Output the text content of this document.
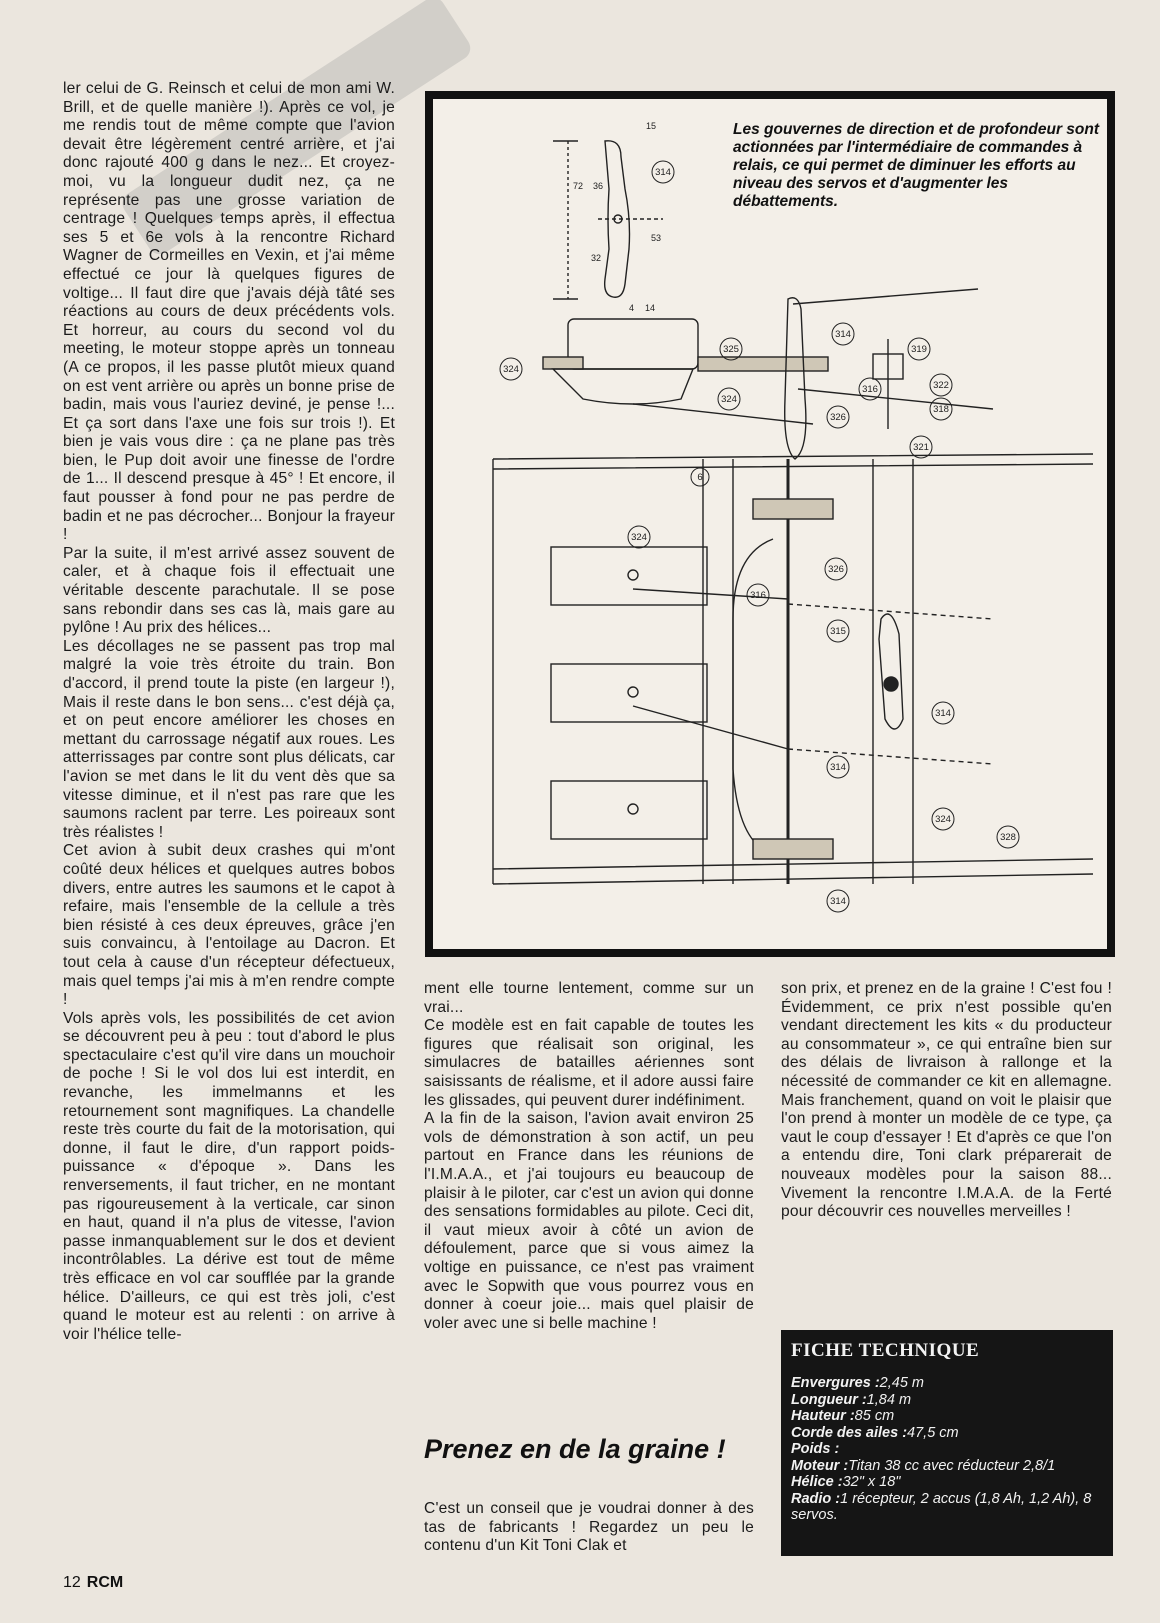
ler celui de G. Reinsch et celui de mon ami W. Brill, et de quelle manière !). Après ce vol, je me rendis tout de même compte que l'avion devait être légèrement centré arrière, et j'ai donc rajouté 400 g dans le nez... Et croyez-moi, vu la longueur dudit nez, ça ne représente pas une grosse variation de centrage ! Quelques temps après, il effectua ses 5 et 6e vols à la rencontre Richard Wagner de Cormeilles en Vexin, et j'ai même effectué ce jour là quelques figures de voltige... Il faut dire que j'avais déjà tâté ses réactions au cours de deux précédents vols. Et horreur, au cours du second vol du meeting, le moteur stoppe après un tonneau (A ce propos, il les passe plutôt mieux quand on est vent arrière ou après un bonne prise de badin, mais vous l'auriez deviné, je pense !... Et ça sort dans l'axe une fois sur trois !). Et bien je vais vous dire : ça ne plane pas très bien, le Pup doit avoir une finesse de l'ordre de 1... Il descend presque à 45° ! Et encore, il faut pousser à fond pour ne pas perdre de badin et ne pas décrocher... Bonjour la frayeur !

Par la suite, il m'est arrivé assez souvent de caler, et à chaque fois il effectuait une véritable descente parachutale. Il se pose sans rebondir dans ses cas là, mais gare au pylône ! Au prix des hélices...

Les décollages ne se passent pas trop mal malgré la voie très étroite du train. Bon d'accord, il prend toute la piste (en largeur !), Mais il reste dans le bon sens... c'est déjà ça, et on peut encore améliorer les choses en mettant du carrossage négatif aux roues. Les atterrissages par contre sont plus délicats, car l'avion se met dans le lit du vent dès que sa vitesse diminue, et il n'est pas rare que les saumons raclent par terre. Les poireaux sont très réalistes !

Cet avion à subit deux crashes qui m'ont coûté deux hélices et quelques autres bobos divers, entre autres les saumons et le capot à refaire, mais l'ensemble de la cellule a très bien résisté à ces deux épreuves, grâce j'en suis convaincu, à l'entoilage au Dacron. Et tout cela à cause d'un récepteur défectueux, mais quel temps j'ai mis à m'en rendre compte !

Vols après vols, les possibilités de cet avion se découvrent peu à peu : tout d'abord le plus spectaculaire c'est qu'il vire dans un mouchoir de poche ! Si le vol dos lui est interdit, en revanche, les immelmanns et les retournement sont magnifiques. La chandelle reste très courte du fait de la motorisation, qui donne, il faut le dire, d'un rapport poids-puissance « d'époque ». Dans les renversements, il faut tricher, en ne montant pas rigoureusement à la verticale, car sinon en haut, quand il n'a plus de vitesse, l'avion passe inmanquablement sur le dos et devient incontrôlables. La dérive est tout de même très efficace en vol car soufflée par la grande hélice. D'ailleurs, ce qui est très joli, c'est quand le moteur est au relenti : on arrive à voir l'hélice telle-

15
72 36
53
32
4 14
314
325
324
324
314
319
316	322
318
326
321
6
324
326
316
315
314
314
324
328
314
Les gouvernes de direction et de profondeur sont actionnées par l'intermédiaire de commandes à relais, ce qui permet de diminuer les efforts au niveau des servos et d'augmenter les débattements.

ment elle tourne lentement, comme sur un vrai...

Ce modèle est en fait capable de toutes les figures que réalisait son original, les simulacres de batailles aériennes sont saisissants de réalisme, et il adore aussi faire les glissades, qui peuvent durer indéfiniment.

A la fin de la saison, l'avion avait environ 25 vols de démonstration à son actif, un peu partout en France dans les réunions de l'I.M.A.A., et j'ai toujours eu beaucoup de plaisir à le piloter, car c'est un avion qui donne des sensations formidables au pilote. Ceci dit, il vaut mieux avoir à côté un avion de défoulement, parce que si vous aimez la voltige en puissance, ce n'est pas vraiment avec le Sopwith que vous pourrez vous en donner à coeur joie... mais quel plaisir de voler avec une si belle machine !

Prenez en de la graine !

C'est un conseil que je voudrai donner à des tas de fabricants ! Regardez un peu le contenu d'un Kit Toni Clak et

son prix, et prenez en de la graine ! C'est fou ! Évidemment, ce prix n'est possible qu'en vendant directement les kits « du producteur au consommateur », ce qui entraîne bien sur des délais de livraison à rallonge et la nécessité de commander ce kit en allemagne. Mais franchement, quand on voit le plaisir que l'on prend à monter un modèle de ce type, ça vaut le coup d'essayer ! Et d'après ce que l'on a entendu dire, Toni clark préparerait de nouveaux modèles pour la saison 88... Vivement la rencontre I.M.A.A. de la Ferté pour découvrir ces nouvelles merveilles !

FICHE TECHNIQUE
Envergures :2,45 m
Longueur :1,84 m
Hauteur :85 cm
Corde des ailes :47,5 cm
Poids :
Moteur :Titan 38 cc avec réducteur 2,8/1
Hélice :32" x 18"
Radio :1 récepteur, 2 accus (1,8 Ah, 1,2 Ah), 8 servos.
12 RCM
